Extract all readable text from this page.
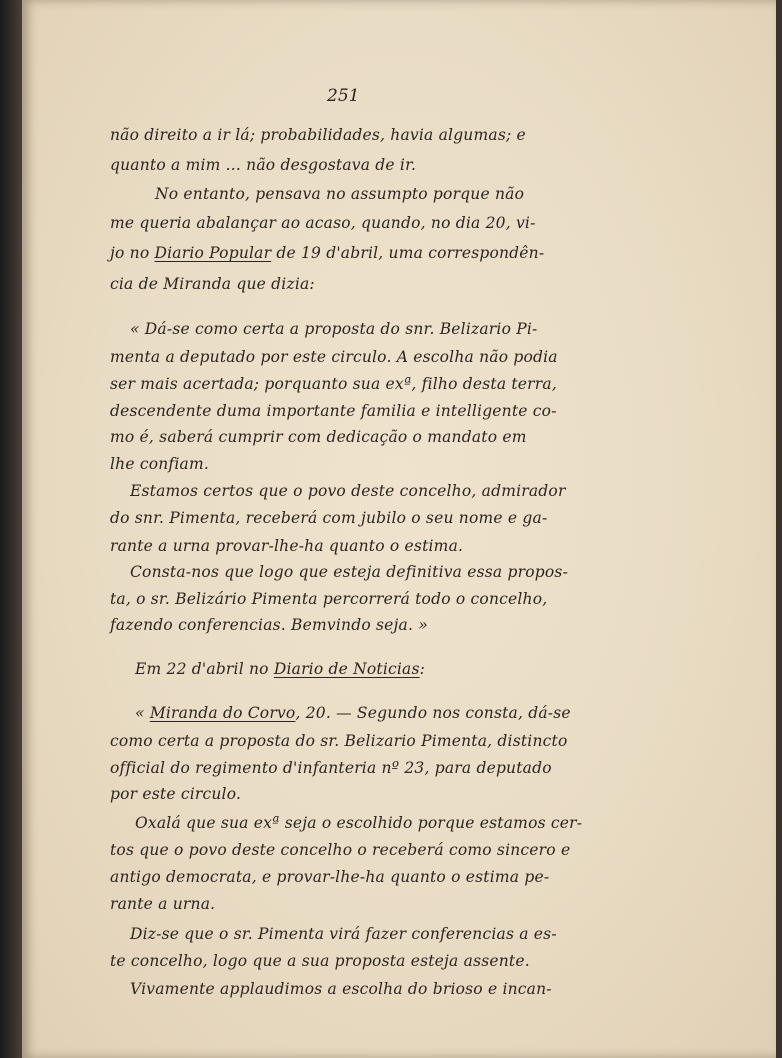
251
não direito a ir lá; probabilidades, havia algumas; e
quanto a mim ... não desgostava de ir.
No entanto, pensava no assumpto porque não
me queria abalançar ao acaso, quando, no dia 20, vi-
jo no Diario Popular de 19 d'abril, uma correspondên-
cia de Miranda que dizia:
« Dá-se como certa a proposta do snr. Belizario Pi-
menta a deputado por este circulo. A escolha não podia
ser mais acertada; porquanto sua exª, filho desta terra,
descendente duma importante familia e intelligente co-
mo é, saberá cumprir com dedicação o mandato em
lhe confiam.
Estamos certos que o povo deste concelho, admirador
do snr. Pimenta, receberá com jubilo o seu nome e ga-
rante a urna provar-lhe-ha quanto o estima.
Consta-nos que logo que esteja definitiva essa propos-
ta, o sr. Belizário Pimenta percorrerá todo o concelho,
fazendo conferencias. Bemvindo seja. »
Em 22 d'abril no Diario de Noticias:
« Miranda do Corvo, 20. — Segundo nos consta, dá-se
como certa a proposta do sr. Belizario Pimenta, distincto
official do regimento d'infanteria nº 23, para deputado
por este circulo.
Oxalá que sua exª seja o escolhido porque estamos cer-
tos que o povo deste concelho o receberá como sincero e
antigo democrata, e provar-lhe-ha quanto o estima pe-
rante a urna.
Diz-se que o sr. Pimenta virá fazer conferencias a es-
te concelho, logo que a sua proposta esteja assente.
Vivamente applaudimos a escolha do brioso e incan-
